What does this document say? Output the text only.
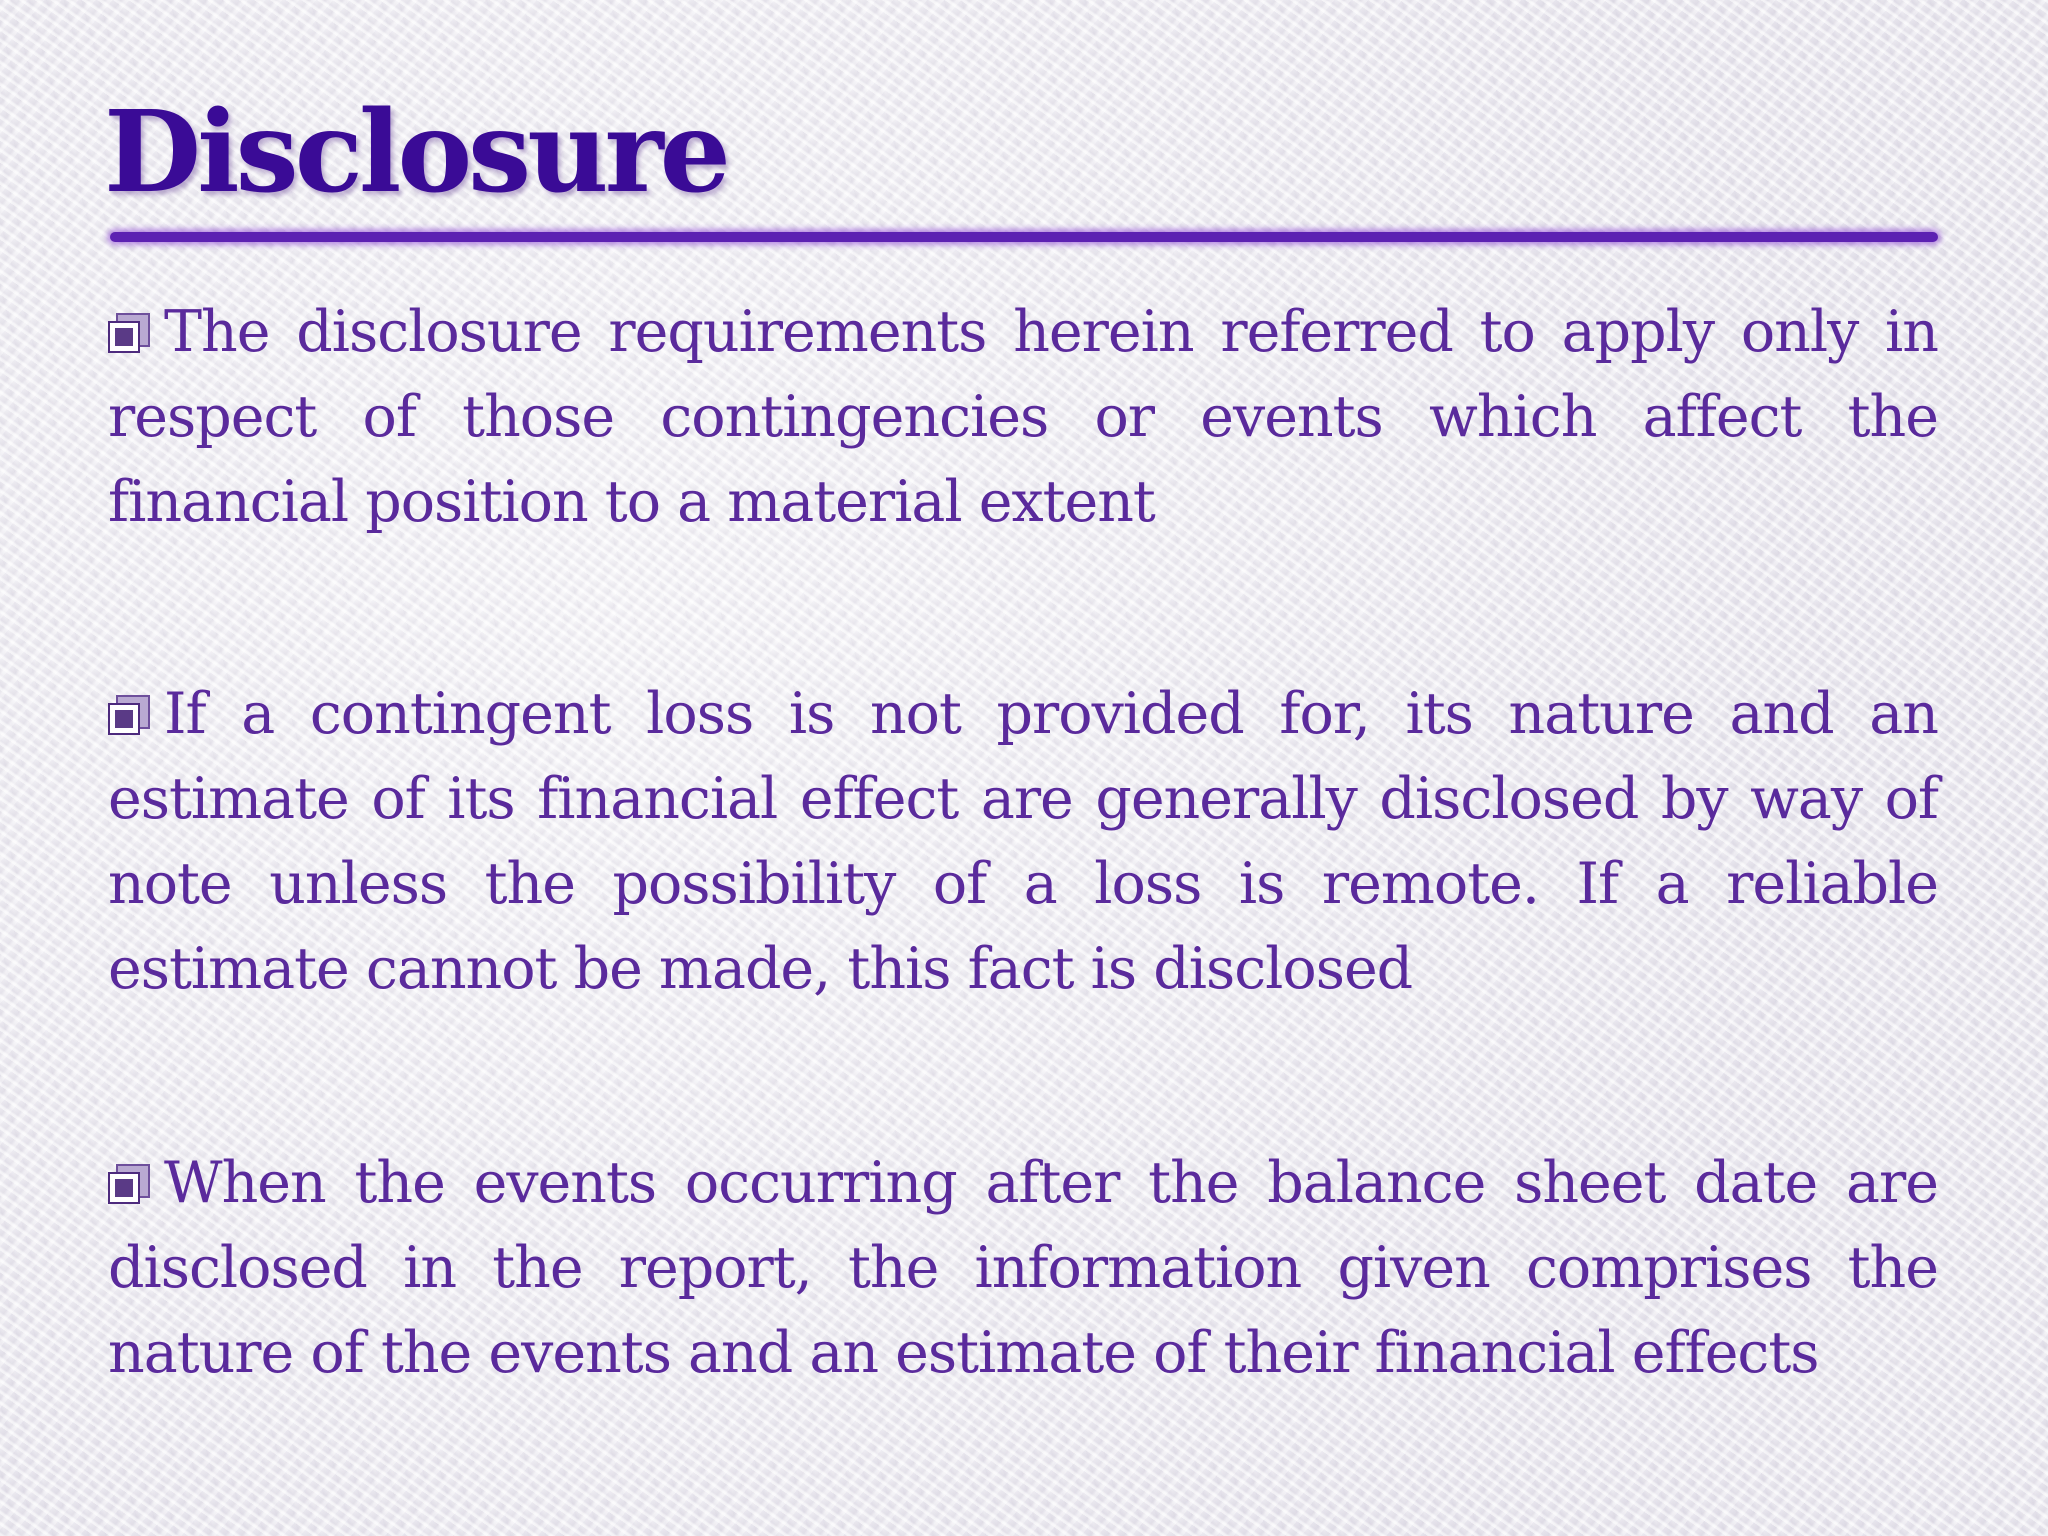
Disclosure

The disclosure requirements herein referred to apply only in respect of those contingencies or events which affect the financial position to a material extent

If a contingent loss is not provided for, its nature and an estimate of its financial effect are generally disclosed by way of note unless the possibility of a loss is remote. If a reliable estimate cannot be made, this fact is disclosed

When the events occurring after the balance sheet date are disclosed in the report, the information given comprises the nature of the events and an estimate of their financial effects
